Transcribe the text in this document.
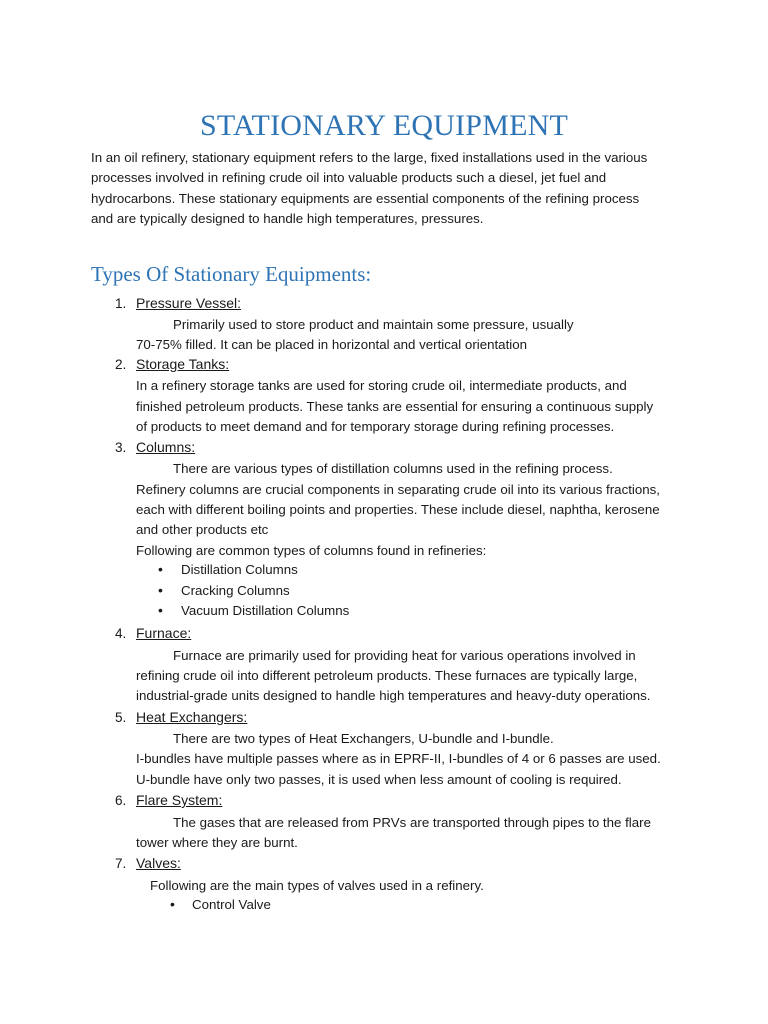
STATIONARY EQUIPMENT
In an oil refinery, stationary equipment refers to the large, fixed installations used in the various
processes involved in refining crude oil into valuable products such a diesel, jet fuel and
hydrocarbons. These stationary equipments are essential components of the refining process
and are typically designed to handle high temperatures, pressures.
Types Of Stationary Equipments:
1. Pressure Vessel:
Primarily used to store product and maintain some pressure, usually
70-75% filled. It can be placed in horizontal and vertical orientation
2. Storage Tanks:
In a refinery storage tanks are used for storing crude oil, intermediate products, and
finished petroleum products. These tanks are essential for ensuring a continuous supply
of products to meet demand and for temporary storage during refining processes.
3. Columns:
There are various types of distillation columns used in the refining process.
Refinery columns are crucial components in separating crude oil into its various fractions,
each with different boiling points and properties. These include diesel, naphtha, kerosene
and other products etc
Following are common types of columns found in refineries:
• Distillation Columns
• Cracking Columns
• Vacuum Distillation Columns
4. Furnace:
Furnace are primarily used for providing heat for various operations involved in
refining crude oil into different petroleum products. These furnaces are typically large,
industrial-grade units designed to handle high temperatures and heavy-duty operations.
5. Heat Exchangers:
There are two types of Heat Exchangers, U-bundle and I-bundle.
I-bundles have multiple passes where as in EPRF-II, I-bundles of 4 or 6 passes are used.
U-bundle have only two passes, it is used when less amount of cooling is required.
6. Flare System:
The gases that are released from PRVs are transported through pipes to the flare
tower where they are burnt.
7. Valves:
Following are the main types of valves used in a refinery.
• Control Valve
